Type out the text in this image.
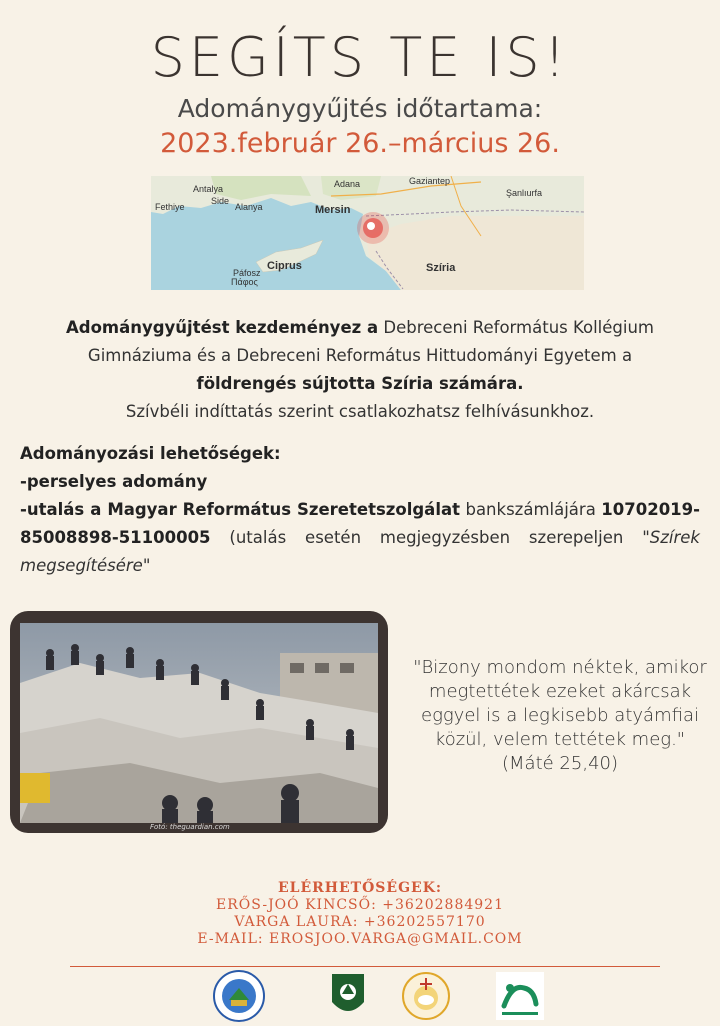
SEGÍTS TE IS!
Adománygyűjtés időtartama:
2023.február 26.–március 26.
Antalya	Adana	Gaziantep
Şanlıurfa
Fethiye
Side
Alanya	Mersin
Ciprus	Szíria
Páfosz
Πάφος
Adománygyűjtést kezdeményez a Debreceni Református Kollégium Gimnáziuma és a Debreceni Református Hittudományi Egyetem a
földrengés sújtotta Szíria számára.
Szívbéli indíttatás szerint csatlakozhatsz felhívásunkhoz.
Adományozási lehetőségek:
-perselyes adomány
-utalás a Magyar Református Szeretetszolgálat bankszámlájára 10702019-85008898-51100005 (utalás esetén megjegyzésben szerepeljen "Szírek megsegítésére"
Fotó: theguardian.com
"Bizony mondom néktek, amikor megtettétek ezeket akárcsak eggyel is a legkisebb atyámfiai közül, velem tettétek meg."(Máté 25,40)
ELÉRHETŐSÉGEK:
ERŐS-JOÓ KINCSŐ: +36202884921
VARGA LAURA: +36202557170
E-MAIL: EROSJOO.VARGA@GMAIL.COM
